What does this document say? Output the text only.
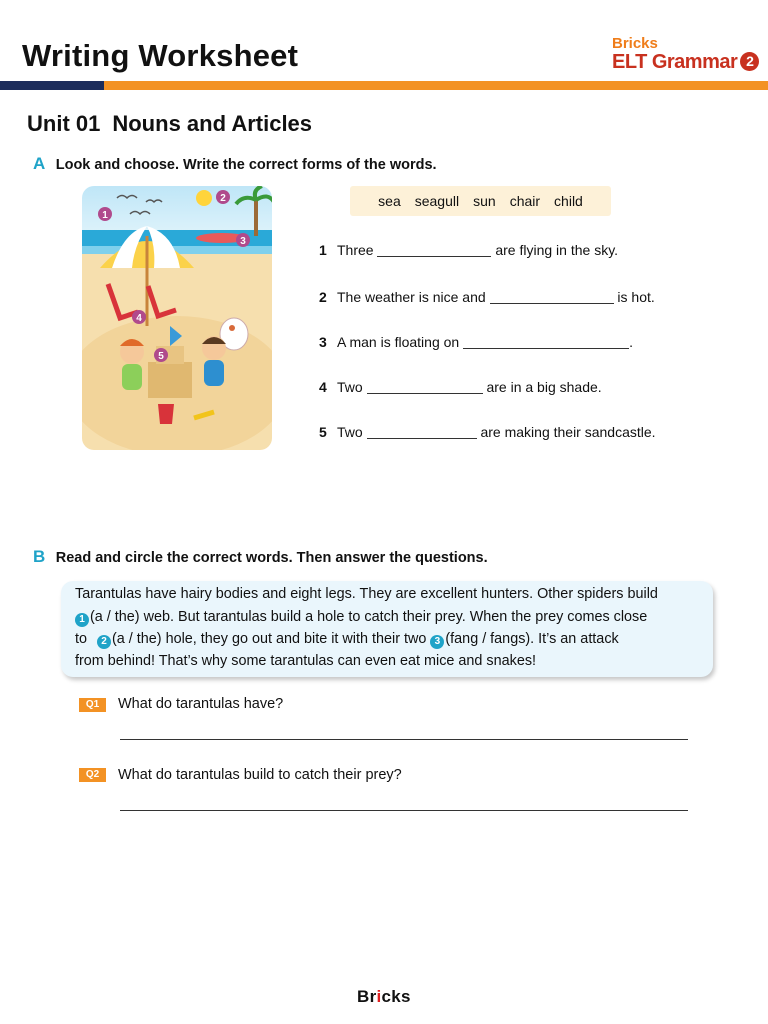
Writing Worksheet	Bricks
ELT Grammar 2
Unit 01 Nouns and Articles
A Look and choose. Write the correct forms of the words.
1
2
3
4
5
sea seagull sun chair child
1 Three	are flying in the sky.
2 The weather is nice and	is hot.
3 A man is floating on	.
4 Two	are in a big shade.
5 Two	are making their sandcastle.
B Read and circle the correct words. Then answer the questions.
Tarantulas have hairy bodies and eight legs. They are excellent hunters. Other spiders build
1 (a / the) web. But tarantulas build a hole to catch their prey. When the prey comes close
to 2 (a / the) hole, they go out and bite it with their two 3 (fang / fangs). It’s an attack
from behind! That’s why some tarantulas can even eat mice and snakes!
Q1	What do tarantulas have?
Q2	What do tarantulas build to catch their prey?
Bricks
